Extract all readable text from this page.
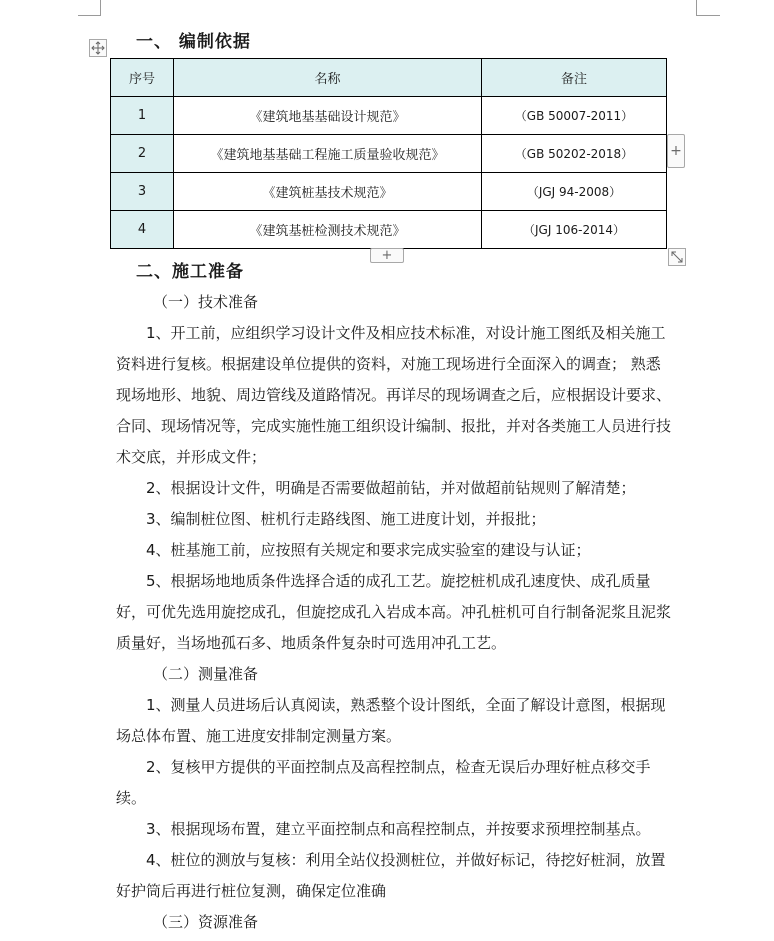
一、 编制依据
序号	名称	备注
1	《建筑地基基础设计规范》	（GB 50007-2011）
2	《建筑地基基础工程施工质量验收规范》	（GB 50202-2018）
3	《建筑桩基技术规范》	（JGJ 94-2008）
4	《建筑基桩检测技术规范》	（JGJ 106-2014）
+
+
二、施工准备
（一）技术准备

1、开工前，应组织学习设计文件及相应技术标准，对设计施工图纸及相关施工资料进行复核。根据建设单位提供的资料，对施工现场进行全面深入的调查； 熟悉现场地形、地貌、周边管线及道路情况。再详尽的现场调查之后，应根据设计要求、合同、现场情况等，完成实施性施工组织设计编制、报批，并对各类施工人员进行技术交底，并形成文件；

2、根据设计文件，明确是否需要做超前钻，并对做超前钻规则了解清楚；

3、编制桩位图、桩机行走路线图、施工进度计划，并报批；

4、桩基施工前，应按照有关规定和要求完成实验室的建设与认证；

5、根据场地地质条件选择合适的成孔工艺。旋挖桩机成孔速度快、成孔质量好，可优先选用旋挖成孔，但旋挖成孔入岩成本高。冲孔桩机可自行制备泥浆且泥浆质量好，当场地孤石多、地质条件复杂时可选用冲孔工艺。

（二）测量准备

1、测量人员进场后认真阅读，熟悉整个设计图纸，全面了解设计意图，根据现场总体布置、施工进度安排制定测量方案。

2、复核甲方提供的平面控制点及高程控制点，检查无误后办理好桩点移交手续。

3、根据现场布置，建立平面控制点和高程控制点，并按要求预埋控制基点。

4、桩位的测放与复核：利用全站仪投测桩位，并做好标记，待挖好桩洞，放置好护筒后再进行桩位复测，确保定位准确

（三）资源准备
